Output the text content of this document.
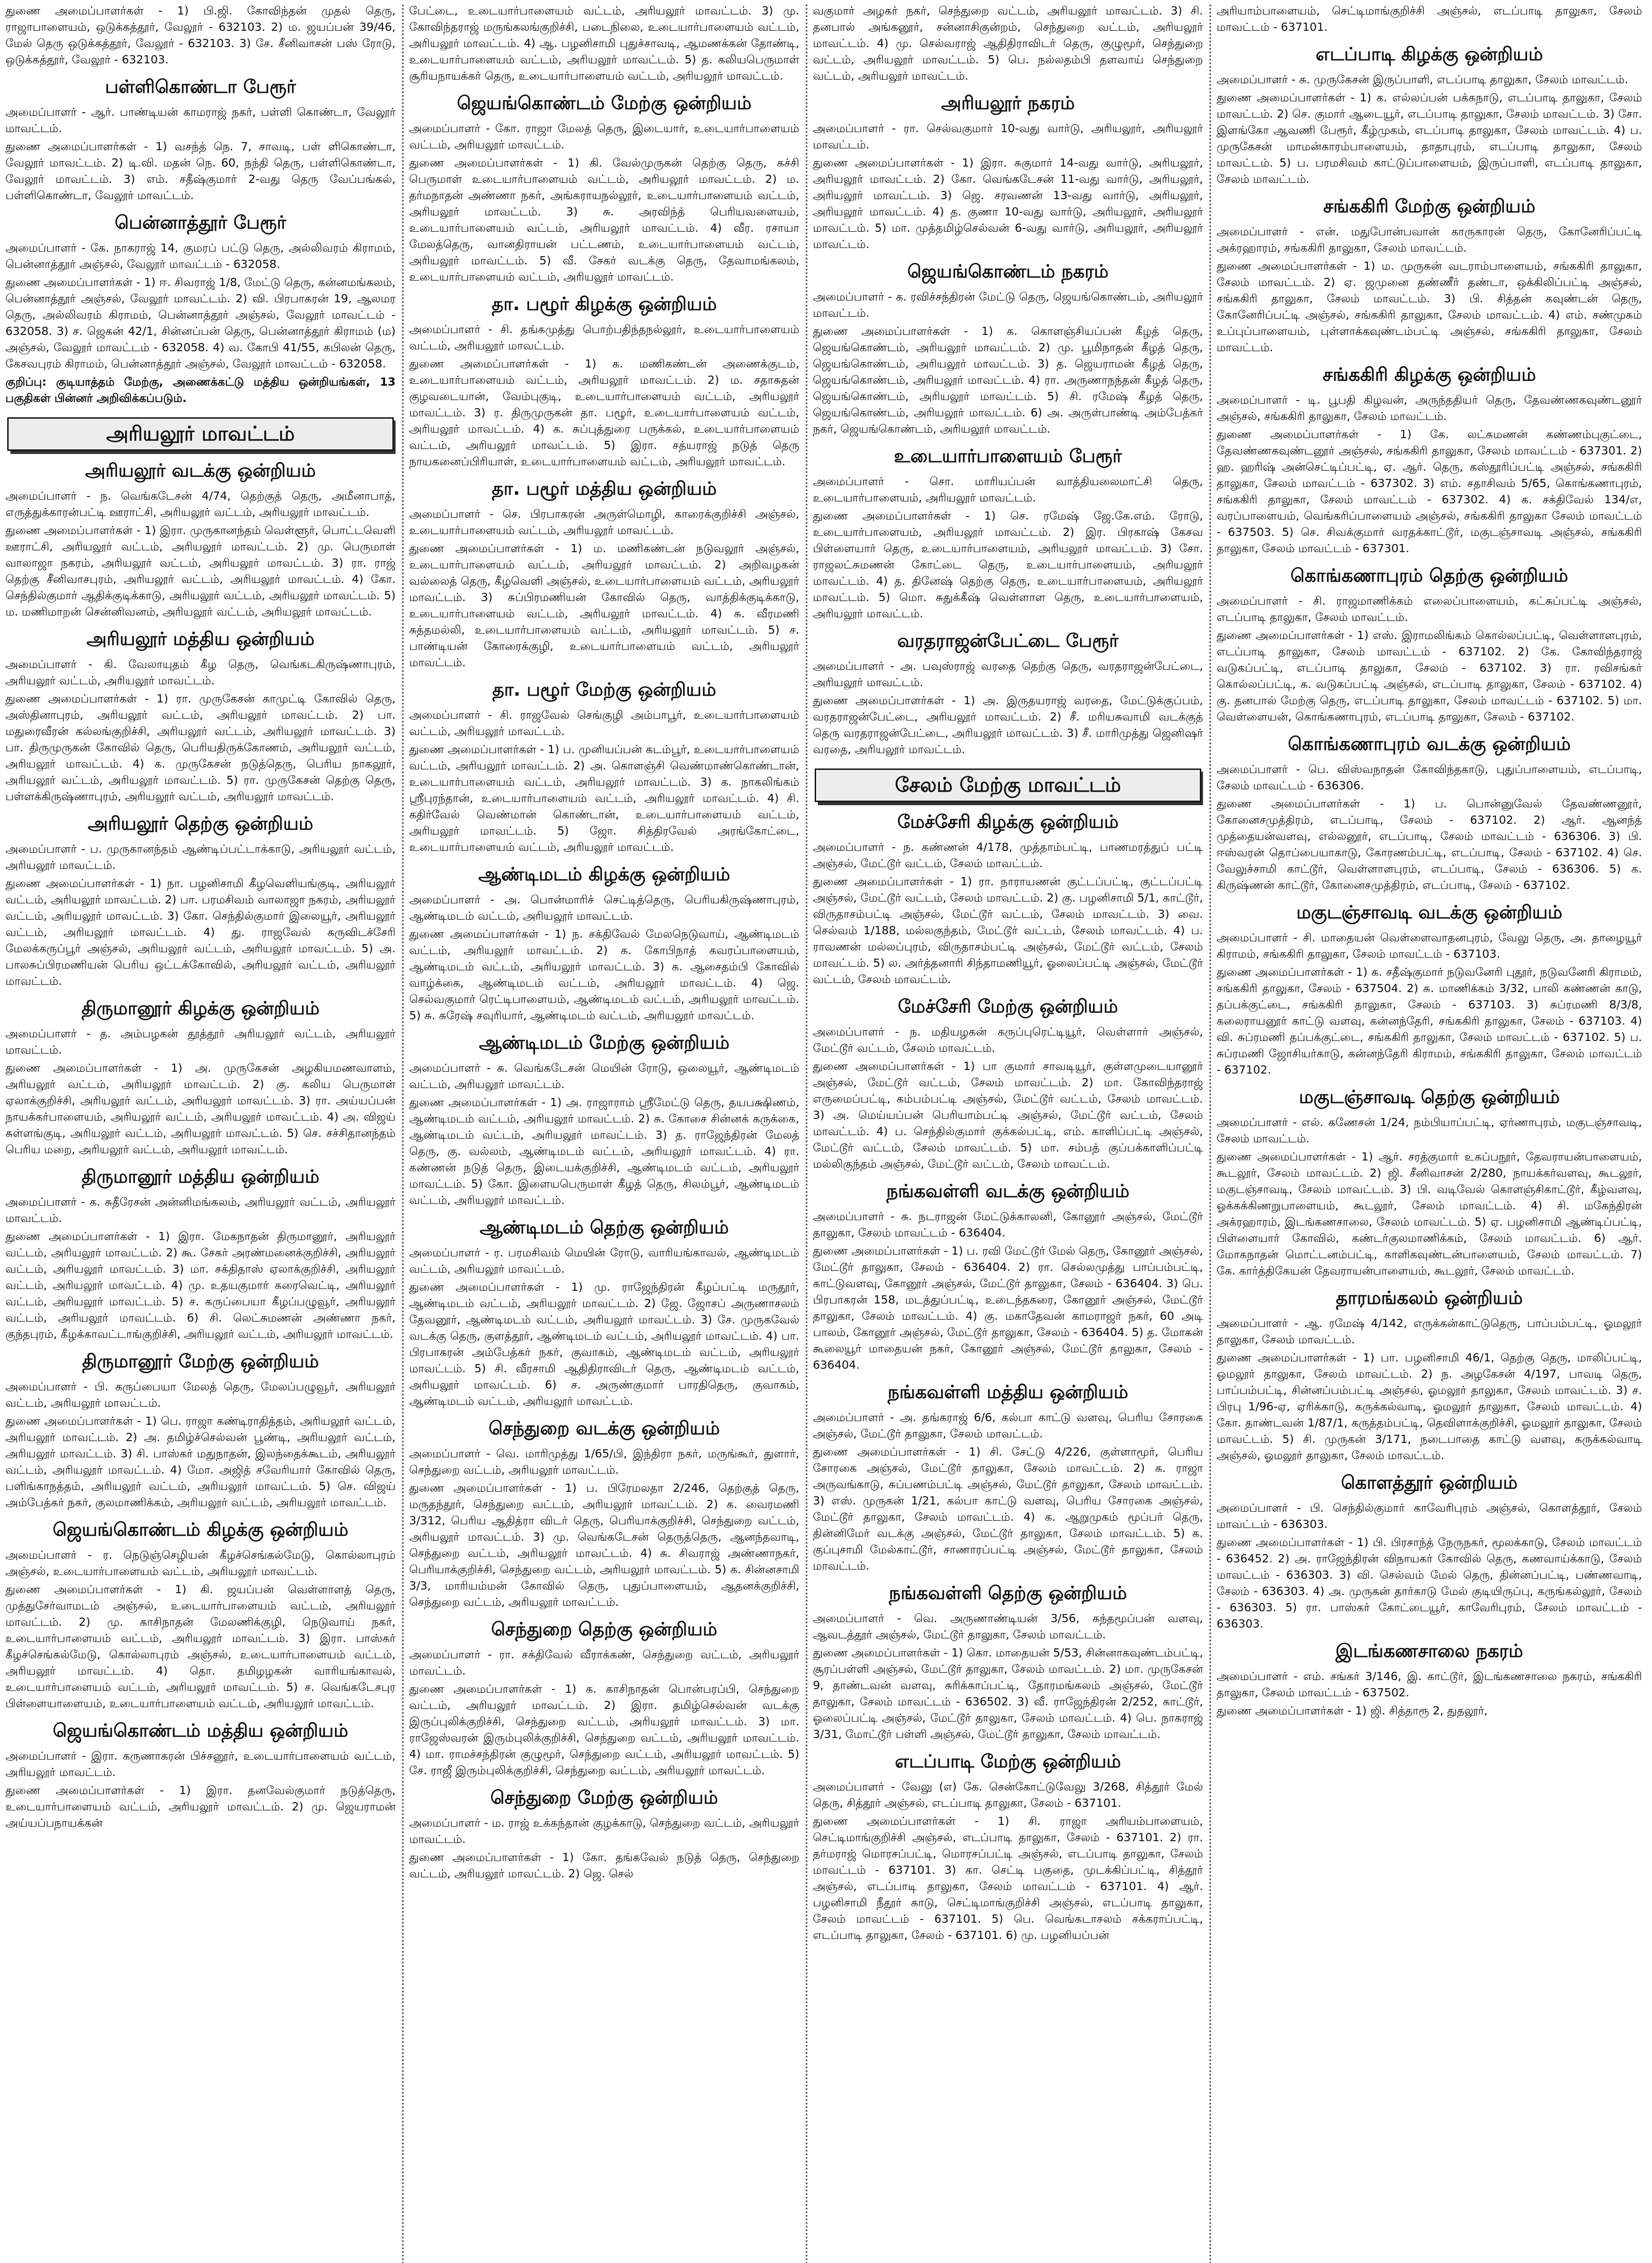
துணை அமைப்பாளர்கள் - 1) பி.ஜி. கோவிந்தன் முதல் தெரு, ராஜாபாளையம், ஒடுக்கத்தூர், வேலூர் - 632103. 2) ம. ஜயப்பன் 39/46, மேல் தெரு ஒடுக்கத்தூர், வேலூர் - 632103. 3) சே. சீனிவாசன் பஸ் ரோடு, ஒடுக்கத்தூர், வேலூர் - 632103.
பள்ளிகொண்டா பேரூர்
அமைப்பாளர் - ஆர். பாண்டியன் காமராஜ் நகர், பள்ளி கொண்டா, வேலூர் மாவட்டம்.
துணை அமைப்பாளர்கள் - 1) வசந்த் நெ. 7, சாவடி, பள் ளிகொண்டா, வேலூர் மாவட்டம். 2) டி.வி. மதன் நெ. 60, நந்தி தெரு, பள்ளிகொண்டா, வேலூர் மாவட்டம். 3) எம். சதீஷ்குமார் 2-வது தெரு வேப்பங்கல், பள்ளிகொண்டா, வேலூர் மாவட்டம்.
பென்னாத்தூர் பேரூர்
அமைப்பாளர் - கே. நாகராஜ் 14, குமரப் பட்டு தெரு, அல்லிவரம் கிராமம், பென்னாத்தூர் அஞ்சல், வேலூர் மாவட்டம் - 632058.
துணை அமைப்பாளர்கள் - 1) ஈ. சிவராஜ் 1/8, மேட்டு தெரு, கன்னமங்கலம், பென்னாத்தூர் அஞ்சல், வேலூர் மாவட்டம். 2) வி. பிரபாகரன் 19, ஆலமர தெரு, அல்லிவரம் கிராமம், பென்னாத்தூர் அஞ்சல், வேலூர் மாவட்டம் - 632058. 3) ச. ஜெகன் 42/1, சின்னப்பன் தெரு, பென்னாத்தூர் கிராமம் (ம) அஞ்சல், வேலூர் மாவட்டம் - 632058. 4) வ. கோபி 41/55, கபிலன் தெரு, கேசவபுரம் கிராமம், பென்னாத்தூர் அஞ்சல், வேலூர் மாவட்டம் - 632058.
குறிப்பு: குடியாத்தம் மேற்கு, அணைக்கட்டு மத்திய ஒன்றியங்கள், 13 பகுதிகள் பின்னர் அறிவிக்கப்படும்.
அரியலூர் மாவட்டம்
அரியலூர் வடக்கு ஒன்றியம்
அமைப்பாளர் - ந. வெங்கடேசன் 4/74, தெற்குத் தெரு, அமீனாபாத், எருத்துக்காரன்பட்டி ஊராட்சி, அரியலூர் வட்டம், அரியலூர் மாவட்டம்.
துணை அமைப்பாளர்கள் - 1) இரா. முருகானந்தம் வெள்ளூர், பொட்டவெளி ஊராட்சி, அரியலூர் வட்டம், அரியலூர் மாவட்டம். 2) மு. பெருமாள் வாலாஜா நகரம், அரியலூர் வட்டம், அரியலூர் மாவட்டம். 3) ரா. ராஜ் தெற்கு சீனிவாசபுரம், அரியலூர் வட்டம், அரியலூர் மாவட்டம். 4) கோ. செந்தில்குமார் ஆதிக்குடிக்காடு, அரியலூர் வட்டம், அரியலூர் மாவட்டம். 5) ம. மணிமாறன் சென்னிவனம், அரியலூர் வட்டம், அரியலூர் மாவட்டம்.
அரியலூர் மத்திய ஒன்றியம்
அமைப்பாளர் - கி. வேலாயுதம் கீழ தெரு, வெங்கடகிருஷ்ணாபுரம், அரியலூர் வட்டம், அரியலூர் மாவட்டம்.
துணை அமைப்பாளர்கள் - 1) ரா. முருகேசன் காமுட்டி கோவில் தெரு, அஸ்தினாபுரம், அரியலூர் வட்டம், அரியலூர் மாவட்டம். 2) பா. மதுரைவீரன் கல்லங்குறிச்சி, அரியலூர் வட்டம், அரியலூர் மாவட்டம். 3) பா. திருமுருகன் கோவில் தெரு, பெரியதிருக்கோணம், அரியலூர் வட்டம், அரியலூர் மாவட்டம். 4) க. முருகேசன் நடுத்தெரு, பெரிய நாகலூர், அரியலூர் வட்டம், அரியலூர் மாவட்டம். 5) ரா. முருகேசன் தெற்கு தெரு, பள்ளக்கிருஷ்ணாபுரம், அரியலூர் வட்டம், அரியலூர் மாவட்டம்.
அரியலூர் தெற்கு ஒன்றியம்
அமைப்பாளர் - ப. முருகானந்தம் ஆண்டிப்பட்டாக்காடு, அரியலூர் வட்டம், அரியலூர் மாவட்டம்.
துணை அமைப்பாளர்கள் - 1) நா. பழனிசாமி கீழவெளியங்குடி, அரியலூர் வட்டம், அரியலூர் மாவட்டம். 2) பா. பரமசிவம் வாலாஜா நகரம், அரியலூர் வட்டம், அரியலூர் மாவட்டம். 3) கோ. செந்தில்குமார் இலையூர், அரியலூர் வட்டம், அரியலூர் மாவட்டம். 4) து. ராஜவேல் கருவிடச்சேரி மேலக்கருப்பூர் அஞ்சல், அரியலூர் வட்டம், அரியலூர் மாவட்டம். 5) அ. பாலசுப்பிரமணியன் பெரிய ஒட்டக்கோவில், அரியலூர் வட்டம், அரியலூர் மாவட்டம்.
திருமானூர் கிழக்கு ஒன்றியம்
அமைப்பாளர் - த. அம்பழகன் தூத்தூர் அரியலூர் வட்டம், அரியலூர் மாவட்டம்.
துணை அமைப்பாளர்கள் - 1) அ. முருகேசன் அழகியமணவாளம், அரியலூர் வட்டம், அரியலூர் மாவட்டம். 2) கு. கலிய பெருமாள் ஏலாக்குறிச்சி, அரியலூர் வட்டம், அரியலூர் மாவட்டம். 3) ரா. அய்யப்பன் நாயக்கர்பாளையம், அரியலூர் வட்டம், அரியலூர் மாவட்டம். 4) அ. விஜய் சுள்ளங்குடி, அரியலூர் வட்டம், அரியலூர் மாவட்டம். 5) செ. சச்சிதானந்தம் பெரிய மறை, அரியலூர் வட்டம், அரியலூர் மாவட்டம்.
திருமானூர் மத்திய ஒன்றியம்
அமைப்பாளர் - க. சுதீரேசன் அன்னிமங்கலம், அரியலூர் வட்டம், அரியலூர் மாவட்டம்.
துணை அமைப்பாளர்கள் - 1) இரா. மேகநாதன் திருமானூர், அரியலூர் வட்டம், அரியலூர் மாவட்டம். 2) கூ. சேகர் அரண்மனைக்குறிச்சி, அரியலூர் வட்டம், அரியலூர் மாவட்டம். 3) மா. சக்திதாஸ் ஏலாக்குறிச்சி, அரியலூர் வட்டம், அரியலூர் மாவட்டம். 4) மு. உதயகுமார் கரைவெட்டி, அரியலூர் வட்டம், அரியலூர் மாவட்டம். 5) ச. கருப்பையா கீழப்பழுவூர், அரியலூர் வட்டம், அரியலூர் மாவட்டம். 6) சி. லெட்சுமணன் அண்ணா நகர், குந்தபுரம், கீழக்காவட்டாங்குறிச்சி, அரியலூர் வட்டம், அரியலூர் மாவட்டம்.
திருமானூர் மேற்கு ஒன்றியம்
அமைப்பாளர் - பி. கருப்பையா மேலத் தெரு, மேலப்பழுவூர், அரியலூர் வட்டம், அரியலூர் மாவட்டம்.
துணை அமைப்பாளர்கள் - 1) பெ. ராஜா கண்டிராதித்தம், அரியலூர் வட்டம், அரியலூர் மாவட்டம். 2) அ. தமிழ்ச்செல்வன் பூண்டி, அரியலூர் வட்டம், அரியலூர் மாவட்டம். 3) சி. பாஸ்கர் மதுநாதன், இலந்தைக்கூடம், அரியலூர் வட்டம், அரியலூர் மாவட்டம். 4) மோ. அஜித் சவேரியார் கோவில் தெரு, பளிங்காநத்தம், அரியலூர் வட்டம், அரியலூர் மாவட்டம். 5) செ. விஜய் அம்பேத்கர் நகர், குலமாணிக்கம், அரியலூர் வட்டம், அரியலூர் மாவட்டம்.
ஜெயங்கொண்டம் கிழக்கு ஒன்றியம்
அமைப்பாளர் - ர. நெடுஞ்செழியன் கீழச்செங்கல்மேடு, கொல்லாபுரம் அஞ்சல், உடையார்பாளையம் வட்டம், அரியலூர் மாவட்டம்.
துணை அமைப்பாளர்கள் - 1) கி. ஜயப்பன் வெள்ளாளத் தெரு, முத்துசேர்வாமடம் அஞ்சல், உடையார்பாளையம் வட்டம், அரியலூர் மாவட்டம். 2) மு. காசிநாதன் மேலணிக்குழி, நெடுவாய் நகர், உடையார்பாளையம் வட்டம், அரியலூர் மாவட்டம். 3) இரா. பாஸ்கர் கீழச்செங்கல்மேடு, கொல்லாபுரம் அஞ்சல், உடையார்பாளையம் வட்டம், அரியலூர் மாவட்டம். 4) தொ. தமிழழகன் வாரியங்காவல், உடையார்பாளையம் வட்டம், அரியலூர் மாவட்டம். 5) ச. வெங்கடேசபுர பிள்ளையாளையம், உடையார்பாளையம் வட்டம், அரியலூர் மாவட்டம்.
ஜெயங்கொண்டம் மத்திய ஒன்றியம்
அமைப்பாளர் - இரா. கருணாகரன் பிச்சனூர், உடையார்பாளையம் வட்டம், அரியலூர் மாவட்டம்.
துணை அமைப்பாளர்கள் - 1) இரா. தனவேல்குமார் நடுத்தெரு, உடையார்பாளையம் வட்டம், அரியலூர் மாவட்டம். 2) மு. ஜெயராமன் அய்யப்பநாயக்கன்
பேட்டை, உடையார்பாளையம் வட்டம், அரியலூர் மாவட்டம். 3) மு. கோவிந்தராஜ் மருங்கலங்குறிச்சி, படைநிலை, உடையார்பாளையம் வட்டம், அரியலூர் மாவட்டம். 4) ஆ. பழனிசாமி புதுச்சாவடி, ஆமணக்கன் தோண்டி, உடையார்பாளையம் வட்டம், அரியலூர் மாவட்டம். 5) த. கலியபெருமாள் சூரியநாயக்கர் தெரு, உடையார்பாளையம் வட்டம், அரியலூர் மாவட்டம்.
ஜெயங்கொண்டம் மேற்கு ஒன்றியம்
அமைப்பாளர் - கோ. ராஜா மேலத் தெரு, இடையார், உடையார்பாளையம் வட்டம், அரியலூர் மாவட்டம்.
துணை அமைப்பாளர்கள் - 1) கி. வேல்முருகன் தெற்கு தெரு, கச்சி பெருமாள் உடையார்பாளையம் வட்டம், அரியலூர் மாவட்டம். 2) ம. தர்மநாதன் அண்ணா நகர், அங்கராயநல்லூர், உடையார்பாளையம் வட்டம், அரியலூர் மாவட்டம். 3) சு. அரவிந்த் பெரியவளையம், உடையார்பாளையம் வட்டம், அரியலூர் மாவட்டம். 4) வீர. ரசாயா மேலத்தெரு, வானதிராயன் பட்டணம், உடையார்பாளையம் வட்டம், அரியலூர் மாவட்டம். 5) வீ. சேகர் வடக்கு தெரு, தேவாமங்கலம், உடையார்பாளையம் வட்டம், அரியலூர் மாவட்டம்.
தா. பழூர் கிழக்கு ஒன்றியம்
அமைப்பாளர் - சி. தங்கமுத்து பொற்பதிந்தநல்லூர், உடையார்பாளையம் வட்டம், அரியலூர் மாவட்டம்.
துணை அமைப்பாளர்கள் - 1) க. மணிகண்டன் அணைக்குடம், உடையார்பாளையம் வட்டம், அரியலூர் மாவட்டம். 2) ம. சதாசுதன் குழவடையான், வேம்புகுடி, உடையார்பாளையம் வட்டம், அரியலூர் மாவட்டம். 3) ர. திருமுருகன் தா. பழூர், உடையார்பாளையம் வட்டம், அரியலூர் மாவட்டம். 4) க. சுப்புத்துரை பருக்கல், உடையார்பாளையம் வட்டம், அரியலூர் மாவட்டம். 5) இரா. சத்யராஜ் நடுத் தெரு நாயகனைப்பிரியாள், உடையார்பாளையம் வட்டம், அரியலூர் மாவட்டம்.
தா. பழூர் மத்திய ஒன்றியம்
அமைப்பாளர் - செ. பிரபாகரன் அருள்மொழி, காரைக்குறிச்சி அஞ்சல், உடையார்பாளையம் வட்டம், அரியலூர் மாவட்டம்.
துணை அமைப்பாளர்கள் - 1) ம. மணிகண்டன் நடுவலூர் அஞ்சல், உடையார்பாளையம் வட்டம், அரியலூர் மாவட்டம். 2) அறிவழகன் வல்லைத் தெரு, கீழவெளி அஞ்சல், உடையார்பாளையம் வட்டம், அரியலூர் மாவட்டம். 3) சுப்பிரமணியன் கோவில் தெரு, வாத்திக்குடிக்காடு, உடையார்பாளையம் வட்டம், அரியலூர் மாவட்டம். 4) சு. வீரமணி சுத்தமல்லி, உடையார்பாளையம் வட்டம், அரியலூர் மாவட்டம். 5) ச. பாண்டியன் கோரைக்குழி, உடையார்பாளையம் வட்டம், அரியலூர் மாவட்டம்.
தா. பழூர் மேற்கு ஒன்றியம்
அமைப்பாளர் - சி. ராஜவேல் செங்குழி அம்பாபூர், உடையார்பாளையம் வட்டம், அரியலூர் மாவட்டம்.
துணை அமைப்பாளர்கள் - 1) ப. முனியப்பன் கடம்பூர், உடையார்பாளையம் வட்டம், அரியலூர் மாவட்டம். 2) அ. கொளஞ்சி வெண்மாண்கொண்டான், உடையார்பாளையம் வட்டம், அரியலூர் மாவட்டம். 3) க. நாகலிங்கம் ஸ்ரீபுரந்தான், உடையார்பாளையம் வட்டம், அரியலூர் மாவட்டம். 4) சி. கதிர்வேல் வெண்மான் கொண்டான், உடையார்பாளையம் வட்டம், அரியலூர் மாவட்டம். 5) ஜோ. சித்திரவேல் அரங்கோட்டை, உடையார்பாளையம் வட்டம், அரியலூர் மாவட்டம்.
ஆண்டிமடம் கிழக்கு ஒன்றியம்
அமைப்பாளர் - அ. பொன்மாரிச் செட்டித்தெரு, பெரியகிருஷ்ணாபுரம், ஆண்டிமடம் வட்டம், அரியலூர் மாவட்டம்.
துணை அமைப்பாளர்கள் - 1) ந. சக்திவேல் மேலநெடுவாய், ஆண்டிமடம் வட்டம், அரியலூர் மாவட்டம். 2) க. கோபிநாத் கவரப்பாளையம், ஆண்டிமடம் வட்டம், அரியலூர் மாவட்டம். 3) க. ஆசைதம்பி கோவில் வாழ்க்கை, ஆண்டிமடம் வட்டம், அரியலூர் மாவட்டம். 4) ஜெ. செல்வகுமார் ரெட்டிபாளையம், ஆண்டிமடம் வட்டம், அரியலூர் மாவட்டம். 5) சு. சுரேஷ் சவுரியார், ஆண்டிமடம் வட்டம், அரியலூர் மாவட்டம்.
ஆண்டிமடம் மேற்கு ஒன்றியம்
அமைப்பாளர் - சு. வெங்கடேசன் மெயின் ரோடு, ஒலையூர், ஆண்டிமடம் வட்டம், அரியலூர் மாவட்டம்.
துணை அமைப்பாளர்கள் - 1) அ. ராஜாராம் ஸ்ரீமேட்டு தெரு, தயபக்ஷிணம், ஆண்டிமடம் வட்டம், அரியலூர் மாவட்டம். 2) சு. கோசை சின்னக் கருக்கை, ஆண்டிமடம் வட்டம், அரியலூர் மாவட்டம். 3) த. ராஜேந்திரன் மேலத் தெரு, கு. வல்லம், ஆண்டிமடம் வட்டம், அரியலூர் மாவட்டம். 4) ரா. கண்ணன் நடுத் தெரு, இடையக்குறிச்சி, ஆண்டிமடம் வட்டம், அரியலூர் மாவட்டம். 5) கோ. இளையபெருமாள் கீழத் தெரு, சிலம்பூர், ஆண்டிமடம் வட்டம், அரியலூர் மாவட்டம்.
ஆண்டிமடம் தெற்கு ஒன்றியம்
அமைப்பாளர் - ர. பரமசிவம் மெயின் ரோடு, வாரியங்காவல், ஆண்டிமடம் வட்டம், அரியலூர் மாவட்டம்.
துணை அமைப்பாளர்கள் - 1) மு. ராஜேந்திரன் கீழப்பட்டி மருதூர், ஆண்டிமடம் வட்டம், அரியலூர் மாவட்டம். 2) ஜே. ஜோசப் அருணாசலம் தேவனூர், ஆண்டிமடம் வட்டம், அரியலூர் மாவட்டம். 3) சே. முருகவேல் வடக்கு தெரு, குளத்தூர், ஆண்டிமடம் வட்டம், அரியலூர் மாவட்டம். 4) பா. பிரபாகரன் அம்பேத்கர் நகர், குவாகம், ஆண்டிமடம் வட்டம், அரியலூர் மாவட்டம். 5) சி. வீரசாமி ஆதிதிராவிடர் தெரு, ஆண்டிமடம் வட்டம், அரியலூர் மாவட்டம். 6) ச. அருண்குமார் பாரதிதெரு, குவாகம், ஆண்டிமடம் வட்டம், அரியலூர் மாவட்டம்.
செந்துறை வடக்கு ஒன்றியம்
அமைப்பாளர் - வெ. மாரிமுத்து 1/65/பி, இந்திரா நகர், மருங்கூர், துளார், செந்துறை வட்டம், அரியலூர் மாவட்டம்.
துணை அமைப்பாளர்கள் - 1) ப. பிரேமலதா 2/246, தெற்குத் தெரு, மருதந்தூர், செந்துறை வட்டம், அரியலூர் மாவட்டம். 2) க. வைரமணி 3/312, பெரிய ஆதித்ரா விடர் தெரு, பெரியாக்குறிச்சி, செந்துறை வட்டம், அரியலூர் மாவட்டம். 3) மு. வெங்கடேசன் தெருத்தெரு, ஆனந்தவாடி, செந்துறை வட்டம், அரியலூர் மாவட்டம். 4) சு. சிவராஜ் அண்ணாநகர், பெரியாக்குறிச்சி, செந்துறை வட்டம், அரியலூர் மாவட்டம். 5) க. சின்னசாமி 3/3, மாரியம்மன் கோவில் தெரு, புதுப்பாளையம், ஆதனக்குறிச்சி, செந்துறை வட்டம், அரியலூர் மாவட்டம்.
செந்துறை தெற்கு ஒன்றியம்
அமைப்பாளர் - ரா. சக்திவேல் வீராக்கண், செந்துறை வட்டம், அரியலூர் மாவட்டம்.
துணை அமைப்பாளர்கள் - 1) க. காசிநாதன் பொன்பரப்பி, செந்துறை வட்டம், அரியலூர் மாவட்டம். 2) இரா. தமிழ்செல்வன் வடக்கு இருப்புலிக்குறிச்சி, செந்துறை வட்டம், அரியலூர் மாவட்டம். 3) மா. ராஜேஸ்வரன் இரும்புலிக்குறிச்சி, செந்துறை வட்டம், அரியலூர் மாவட்டம். 4) மா. ராமச்சந்திரன் குழுமூர், செந்துறை வட்டம், அரியலூர் மாவட்டம். 5) சே. ராஜீ இரும்புலிக்குறிச்சி, செந்துறை வட்டம், அரியலூர் மாவட்டம்.
செந்துறை மேற்கு ஒன்றியம்
அமைப்பாளர் - ம. ராஜ் உக்கந்தான் குழக்காடு, செந்துறை வட்டம், அரியலூர் மாவட்டம்.
துணை அமைப்பாளர்கள் - 1) கோ. தங்கவேல் நடுத் தெரு, செந்துறை வட்டம், அரியலூர் மாவட்டம். 2) ஜெ. செல்
வகுமார் அழகர் நகர், செந்துறை வட்டம், அரியலூர் மாவட்டம். 3) சி. தனபால் அங்கனூர், சன்னாசிகுன்றம், செந்துறை வட்டம், அரியலூர் மாவட்டம். 4) மு. செல்வராஜ் ஆதிதிராவிடர் தெரு, குழுமூர், செந்துறை வட்டம், அரியலூர் மாவட்டம். 5) பெ. நல்லதம்பி தளவாய் செந்துறை வட்டம், அரியலூர் மாவட்டம்.
அரியலூர் நகரம்
அமைப்பாளர் - ரா. செல்வகுமார் 10-வது வார்டு, அரியலூர், அரியலூர் மாவட்டம்.
துணை அமைப்பாளர்கள் - 1) இரா. சுகுமார் 14-வது வார்டு, அரியலூர், அரியலூர் மாவட்டம். 2) கோ. வெங்கடேசன் 11-வது வார்டு, அரியலூர், அரியலூர் மாவட்டம். 3) ஜெ. சரவணன் 13-வது வார்டு, அரியலூர், அரியலூர் மாவட்டம். 4) த. குணா 10-வது வார்டு, அரியலூர், அரியலூர் மாவட்டம். 5) மா. முத்தமிழ்செல்வன் 6-வது வார்டு, அரியலூர், அரியலூர் மாவட்டம்.
ஜெயங்கொண்டம் நகரம்
அமைப்பாளர் - க. ரவிச்சந்திரன் மேட்டு தெரு, ஜெயங்கொண்டம், அரியலூர் மாவட்டம்.
துணை அமைப்பாளர்கள் - 1) க. கொளஞ்சியப்பன் கீழத் தெரு, ஜெயங்கொண்டம், அரியலூர் மாவட்டம். 2) மு. பூமிநாதன் கீழத் தெரு, ஜெயங்கொண்டம், அரியலூர் மாவட்டம். 3) த. ஜெயராமன் கீழத் தெரு, ஜெயங்கொண்டம், அரியலூர் மாவட்டம். 4) ரா. அருணாநந்தன் கீழத் தெரு, ஜெயங்கொண்டம், அரியலூர் மாவட்டம். 5) சி. ரமேஷ் கீழத் தெரு, ஜெயங்கொண்டம், அரியலூர் மாவட்டம். 6) அ. அருள்பாண்டி அம்பேத்கர் நகர், ஜெயங்கொண்டம், அரியலூர் மாவட்டம்.
உடையார்பாளையம் பேரூர்
அமைப்பாளர் - சொ. மாரியப்பன் வாத்தியலைமாட்சி தெரு, உடையார்பாளையம், அரியலூர் மாவட்டம்.
துணை அமைப்பாளர்கள் - 1) செ. ரமேஷ் ஜே.கே.எம். ரோடு, உடையார்பாளையம், அரியலூர் மாவட்டம். 2) இர. பிரகாஷ் கேசவ பிள்ளையார் தெரு, உடையார்பாளையம், அரியலூர் மாவட்டம். 3) சோ. ராஜலட்சுமணன் கோட்டை தெரு, உடையார்பாளையம், அரியலூர் மாவட்டம். 4) த. தினேஷ் தெற்கு தெரு, உடையார்பாளையம், அரியலூர் மாவட்டம். 5) மொ. சுதுக்கீஷ் வெள்ளாள தெரு, உடையார்பாளையம், அரியலூர் மாவட்டம்.
வரதராஜன்பேட்டை பேரூர்
அமைப்பாளர் - அ. பவுஸ்ராஜ் வரதை தெற்கு தெரு, வரதராஜன்பேட்டை, அரியலூர் மாவட்டம்.
துணை அமைப்பாளர்கள் - 1) அ. இருதயராஜ் வரதை, மேட்டுக்குப்பம், வரதராஜன்பேட்டை, அரியலூர் மாவட்டம். 2) சீ. மரியசுவாமி வடக்குத் தெரு வரதராஜன்பேட்டை, அரியலூர் மாவட்டம். 3) சீ. மாரிமுத்து ஜெனிஷர் வரதை, அரியலூர் மாவட்டம்.
சேலம் மேற்கு மாவட்டம்
மேச்சேரி கிழக்கு ஒன்றியம்
அமைப்பாளர் - ந. கண்ணன் 4/178, முத்தாம்பட்டி, பாணமரத்துப் பட்டி அஞ்சல், மேட்டூர் வட்டம், சேலம் மாவட்டம்.
துணை அமைப்பாளர்கள் - 1) ரா. நாராயணன் குட்டப்பட்டி, குட்டப்பட்டி அஞ்சல், மேட்டூர் வட்டம், சேலம் மாவட்டம். 2) கு. பழனிசாமி 5/1, காட்டூர், விருதாசம்பட்டி அஞ்சல், மேட்டூர் வட்டம், சேலம் மாவட்டம். 3) வை. செல்வம் 1/188, மல்லகுந்தம், மேட்டூர் வட்டம், சேலம் மாவட்டம். 4) ப. ராவணன் மல்லப்புரம், விருதாசம்பட்டி அஞ்சல், மேட்டூர் வட்டம், சேலம் மாவட்டம். 5) ல. அர்த்தனாரி சிந்தாமணியூர், ஓலைப்பட்டி அஞ்சல், மேட்டூர் வட்டம், சேலம் மாவட்டம்.
மேச்சேரி மேற்கு ஒன்றியம்
அமைப்பாளர் - ந. மதியழகன் கருப்புரெட்டியூர், வெள்ளார் அஞ்சல், மேட்டூர் வட்டம், சேலம் மாவட்டம்.
துணை அமைப்பாளர்கள் - 1) பா குமார் சாவடியூர், குள்ளமுடையானூர் அஞ்சல், மேட்டூர் வட்டம், சேலம் மாவட்டம். 2) மா. கோவிந்தராஜ் எருமைப்பட்டி, கம்பம்பட்டி அஞ்சல், மேட்டூர் வட்டம், சேலம் மாவட்டம். 3) அ. மெய்யப்பன் பெரியாம்பட்டி அஞ்சல், மேட்டூர் வட்டம், சேலம் மாவட்டம். 4) ப. செந்தில்குமார் குக்கல்பட்டி, எம். காளிப்பட்டி அஞ்சல், மேட்டூர் வட்டம், சேலம் மாவட்டம். 5) மா. சம்பத் குப்பக்காளிப்பட்டி மல்லிகுந்தம் அஞ்சல், மேட்டூர் வட்டம், சேலம் மாவட்டம்.
நங்கவள்ளி வடக்கு ஒன்றியம்
அமைப்பாளர் - சு. நடராஜன் மேட்டுக்காலனி, கோனூர் அஞ்சல், மேட்டூர் தாலுகா, சேலம் மாவட்டம் - 636404.
துணை அமைப்பாளர்கள் - 1) ப. ரவி மேட்டூர் மேல் தெரு, கோனூர் அஞ்சல், மேட்டூர் தாலுகா, சேலம் - 636404. 2) ரா. செல்லமுத்து பாப்பம்பட்டி, காட்டுவளவு, கோனூர் அஞ்சல், மேட்டூர் தாலுகா, சேலம் - 636404. 3) பெ. பிரபாகரன் 158, மடத்துப்பட்டி, உடைந்தகரை, கோனூர் அஞ்சல், மேட்டூர் தாலுகா, சேலம் மாவட்டம். 4) கு. மகாதேவன் காமராஜர் நகர், 60 அடி பாலம், கோனூர் அஞ்சல், மேட்டூர் தாலுகா, சேலம் - 636404. 5) த. மோகன் கூலையூர் மாதையன் நகர், கோனூர் அஞ்சல், மேட்டூர் தாலுகா, சேலம் - 636404.
நங்கவள்ளி மத்திய ஒன்றியம்
அமைப்பாளர் - அ. தங்கராஜ் 6/6, கல்பா காட்டு வளவு, பெரிய சோரகை அஞ்சல், மேட்டூர் தாலுகா, சேலம் மாவட்டம்.
துணை அமைப்பாளர்கள் - 1) சி. சேட்டு 4/226, குள்ளாமூர், பெரிய சோரகை அஞ்சல், மேட்டூர் தாலுகா, சேலம் மாவட்டம். 2) க. ராஜா அருவங்காடு, சுப்பணம்பட்டி அஞ்சல், மேட்டூர் தாலுகா, சேலம் மாவட்டம். 3) எஸ். முருகன் 1/21, கல்பா காட்டு வளவு, பெரிய சோரகை அஞ்சல், மேட்டூர் தாலுகா, சேலம் மாவட்டம். 4) க. ஆறுமுகம் மூப்பர் தெரு, தின்னிமேர் வடக்கு அஞ்சல், மேட்டூர் தாலுகா, சேலம் மாவட்டம். 5) க. குப்புசாமி மேல்காட்டூர், சாணாரப்பட்டி அஞ்சல், மேட்டூர் தாலுகா, சேலம் மாவட்டம்.
நங்கவள்ளி தெற்கு ஒன்றியம்
அமைப்பாளர் - வெ. அருணாண்டியன் 3/56, கந்தமூப்பன் வளவு, ஆவடத்தூர் அஞ்சல், மேட்டூர் தாலுகா, சேலம் மாவட்டம்.
துணை அமைப்பாளர்கள் - 1) கொ. மாதையன் 5/53, சின்னாகவுண்டம்பட்டி, சூரப்பள்ளி அஞ்சல், மேட்டூர் தாலுகா, சேலம் மாவட்டம். 2) மா. முருகேசன் 9, தாண்டவன் வளவு, சுரிக்காப்பட்டி, தோரமங்கலம் அஞ்சல், மேட்டூர் தாலுகா, சேலம் மாவட்டம் - 636502. 3) வீ. ராஜேந்திரன் 2/252, காட்டூர், ஓலைப்பட்டி அஞ்சல், மேட்டூர் தாலுகா, சேலம் மாவட்டம். 4) பெ. நாகராஜ் 3/31, மோட்டூர் பள்ளி அஞ்சல், மேட்டூர் தாலுகா, சேலம் மாவட்டம்.
எடப்பாடி மேற்கு ஒன்றியம்
அமைப்பாளர் - வேலு (எ) கே. சென்கோட்டுவேலு 3/268, சித்தூர் மேல் தெரு, சித்தூர் அஞ்சல், எடப்பாடி தாலுகா, சேலம் - 637101.
துணை அமைப்பாளர்கள் - 1) சி. ராஜா அரியம்பாளையம், செட்டிமாங்குறிச்சி அஞ்சல், எடப்பாடி தாலுகா, சேலம் - 637101. 2) ரா. தர்மராஜ் மொரசப்பட்டி, மொரசப்பட்டி அஞ்சல், எடப்பாடி தாலுகா, சேலம் மாவட்டம் - 637101. 3) கா. செட்டி பகுதை, முடக்கிப்பட்டி, சித்தூர் அஞ்சல், எடப்பாடி தாலுகா, சேலம் மாவட்டம் - 637101. 4) ஆர். பழனிசாமி நீதூர் காடு, செட்டிமாங்குறிச்சி அஞ்சல், எடப்பாடி தாலுகா, சேலம் மாவட்டம் - 637101. 5) பெ. வெங்கடாசலம் சக்கராப்பட்டி, எடப்பாடி தாலுகா, சேலம் - 637101. 6) மு. பழனியப்பன்
அரியாம்பாளையம், செட்டிமாங்குறிச்சி அஞ்சல், எடப்பாடி தாலுகா, சேலம் மாவட்டம் - 637101.
எடப்பாடி கிழக்கு ஒன்றியம்
அமைப்பாளர் - சு. முருகேசன் இருப்பாளி, எடப்பாடி தாலுகா, சேலம் மாவட்டம்.
துணை அமைப்பாளர்கள் - 1) க. எல்லப்பன் பக்கநாடு, எடப்பாடி தாலுகா, சேலம் மாவட்டம். 2) செ. குமார் ஆடையூர், எடப்பாடி தாலுகா, சேலம் மாவட்டம். 3) சோ. இளங்கோ ஆவணி பேரூர், கீழ்முகம், எடப்பாடி தாலுகா, சேலம் மாவட்டம். 4) ப. முருகேசன் மாமன்காரம்பாளையம், தாதாபுரம், எடப்பாடி தாலுகா, சேலம் மாவட்டம். 5) ப. பரமசிவம் காட்டுப்பாளையம், இருப்பாளி, எடப்பாடி தாலுகா, சேலம் மாவட்டம்.
சங்ககிரி மேற்கு ஒன்றியம்
அமைப்பாளர் - என். மதுபோன்பவான் காருகாரன் தெரு, கோனேரிப்பட்டி அக்ரஹாரம், சங்ககிரி தாலுகா, சேலம் மாவட்டம்.
துணை அமைப்பாளர்கள் - 1) ம. முருகன் வடராம்பாளையம், சங்ககிரி தாலுகா, சேலம் மாவட்டம். 2) ஏ. ஜமுனை தண்ணீர் தண்டா, ஒக்கிலிப்பட்டி அஞ்சல், சங்ககிரி தாலுகா, சேலம் மாவட்டம். 3) பி. சித்தன் கவுண்டன் தெரு, கோனேரிப்பட்டி அஞ்சல், சங்ககிரி தாலுகா, சேலம் மாவட்டம். 4) எம். சண்முகம் உப்புப்பாளையம், புள்ளாக்கவுண்டம்பட்டி அஞ்சல், சங்ககிரி தாலுகா, சேலம் மாவட்டம்.
சங்ககிரி கிழக்கு ஒன்றியம்
அமைப்பாளர் - டி. பூபதி கிழவன், அருந்ததியர் தெரு, தேவண்ணகவுண்டனூர் அஞ்சல், சங்ககிரி தாலுகா, சேலம் மாவட்டம்.
துணை அமைப்பாளர்கள் - 1) கே. லட்சுமணன் கண்ணம்புகுட்டை, தேவண்ணகவுண்டனூர் அஞ்சல், சங்ககிரி தாலுகா, சேலம் மாவட்டம் - 637301. 2) ஹ. ஹரிஷ் அன்செட்டிப்பட்டி, ஏ. ஆர். தெரு, கஸ்தூரிப்பட்டி அஞ்சல், சங்ககிரி தாலுகா, சேலம் மாவட்டம் - 637302. 3) எம். சதாசிவம் 5/65, கொங்கணாபுரம், சங்ககிரி தாலுகா, சேலம் மாவட்டம் - 637302. 4) க. சக்திவேல் 134/எ, வரப்பாளையம், வெங்கரிப்பாளையம் அஞ்சல், சங்ககிரி தாலுகா சேலம் மாவட்டம் - 637503. 5) செ. சிவக்குமார் வரதக்காட்டூர், மகுடஞ்சாவடி அஞ்சல், சங்ககிரி தாலுகா, சேலம் மாவட்டம் - 637301.
கொங்கணாபுரம் தெற்கு ஒன்றியம்
அமைப்பாளர் - சி. ராஜமாணிக்கம் எலைப்பாளையம், கட்சுப்பட்டி அஞ்சல், எடப்பாடி தாலுகா, சேலம் மாவட்டம்.
துணை அமைப்பாளர்கள் - 1) எஸ். இராமலிங்கம் கொல்லப்பட்டி, வெள்ளாளபுரம், எடப்பாடி தாலுகா, சேலம் மாவட்டம் - 637102. 2) கே. கோவிந்தராஜ் வடுகப்பட்டி, எடப்பாடி தாலுகா, சேலம் - 637102. 3) ரா. ரவிசங்கர் கொல்லப்பட்டி, க. வடுகப்பட்டி அஞ்சல், எடப்பாடி தாலுகா, சேலம் - 637102. 4) கு. தனபால் மேற்கு தெரு, எடப்பாடி தாலுகா, சேலம் மாவட்டம் - 637102. 5) மா. வெள்ளையன், கொங்கணாபுரம், எடப்பாடி தாலுகா, சேலம் - 637102.
கொங்கணாபுரம் வடக்கு ஒன்றியம்
அமைப்பாளர் - பெ. விஸ்வநாதன் கோவிந்தகாடு, புதுப்பாளையம், எடப்பாடி, சேலம் மாவட்டம் - 636306.
துணை அமைப்பாளர்கள் - 1) ப. பொன்னுவேல் தேவண்ணனூர், கோனைசமுத்திரம், எடப்பாடி, சேலம் - 637102. 2) ஆர். ஆனந்த் முத்தையன்வளவு, எல்லனூர், எடப்பாடி, சேலம் மாவட்டம் - 636306. 3) பி. ஈஸ்வரன் தொப்பையாகாடு, கோரணம்பட்டி, எடப்பாடி, சேலம் - 637102. 4) செ. வேலுச்சாமி காட்டூர், வெள்ளாளபுரம், எடப்பாடி, சேலம் - 636306. 5) க. கிருஷ்ணன் காட்டூர், கோனைசமுத்திரம், எடப்பாடி, சேலம் - 637102.
மகுடஞ்சாவடி வடக்கு ஒன்றியம்
அமைப்பாளர் - சி. மாதையன் வெள்ளைவாதனபுரம், வேலு தெரு, அ. தாழையூர் கிராமம், சங்ககிரி தாலுகா, சேலம் மாவட்டம் - 637103.
துணை அமைப்பாளர்கள் - 1) க. சதீஷ்குமார் நடுவனேரி புதூர், நடுவனேரி கிராமம், சங்ககிரி தாலுகா, சேலம் - 637504. 2) சு. மாணிக்கம் 3/32, பாலி கண்ணன் காடு, தப்பக்குட்டை, சங்ககிரி தாலுகா, சேலம் - 637103. 3) சுப்ரமணி 8/3/8, கலைராயனூர் காட்டு வளவு, கன்னந்தேரி, சங்ககிரி தாலுகா, சேலம் - 637103. 4) வி. சுப்ரமணி தப்பக்குட்டை, சங்ககிரி தாலுகா, சேலம் மாவட்டம் - 637102. 5) ப. சுப்ரமணி ஜோசியர்காடு, கன்னந்தேரி கிராமம், சங்ககிரி தாலுகா, சேலம் மாவட்டம் - 637102.
மகுடஞ்சாவடி தெற்கு ஒன்றியம்
அமைப்பாளர் - எல். கணேசன் 1/24, நம்பியாப்பட்டி, ஏர்ணாபுரம், மகுடஞ்சாவடி, சேலம் மாவட்டம்.
துணை அமைப்பாளர்கள் - 1) ஆர். சரத்குமார் உகப்பநூர், தேவராயன்பாளையம், கூடலூர், சேலம் மாவட்டம். 2) ஜி. சீனிவாசன் 2/280, நாயக்கர்வளவு, கூடலூர், மகுடஞ்சாவடி, சேலம் மாவட்டம். 3) பி. வடிவேல் கொளஞ்சிகாட்டூர், கீழ்வளவு, ஓக்கக்கிணறுபாளையம், கூடலூர், சேலம் மாவட்டம். 4) சி. மகேந்திரன் அக்ரஹாரம், இடங்கணசாலை, சேலம் மாவட்டம். 5) ஏ. பழனிசாமி ஆண்டிப்பட்டி, பிள்ளையார் கோவில், கண்டர்குலமாணிக்கம், சேலம் மாவட்டம். 6) ஆர். மோகநாதன் மொட்டனம்பட்டி, காளிகவுண்டன்பாளையம், சேலம் மாவட்டம். 7) கே. கார்த்திகேயன் தேவராயன்பாளையம், கூடலூர், சேலம் மாவட்டம்.
தாரமங்கலம் ஒன்றியம்
அமைப்பாளர் - ஆ. ரமேஷ் 4/142, எருக்கன்காட்டுதெரு, பாப்பம்பட்டி, ஓமலூர் தாலுகா, சேலம் மாவட்டம்.
துணை அமைப்பாளர்கள் - 1) பா. பழனிசாமி 46/1, தெற்கு தெரு, மாலிப்பட்டி, ஓமலூர் தாலுகா, சேலம் மாவட்டம். 2) ந. அழகேசன் 4/197, பாவடி தெரு, பாப்பம்பட்டி, சின்னப்பம்பட்டி அஞ்சல், ஓமலூர் தாலுகா, சேலம் மாவட்டம். 3) ச. பிரபு 1/96-ஏ, ஏரிக்காடு, கருக்கல்வாடி, ஓமலூர் தாலுகா, சேலம் மாவட்டம். 4) கோ. தாண்டவன் 1/87/1, கருத்தம்பட்டி, தெவிளாக்குறிச்சி, ஓமலூர் தாலுகா, சேலம் மாவட்டம். 5) சி. முருகன் 3/171, நடைபாதை காட்டு வளவு, கருக்கல்வாடி அஞ்சல், ஓமலூர் தாலுகா, சேலம் மாவட்டம்.
கொளத்தூர் ஒன்றியம்
அமைப்பாளர் - பி. செந்தில்குமார் காவேரிபுரம் அஞ்சல், கொளத்தூர், சேலம் மாவட்டம் - 636303.
துணை அமைப்பாளர்கள் - 1) பி. பிரசாந்த் நேருநகர், மூலக்காடு, சேலம் மாவட்டம் - 636452. 2) அ. ராஜேந்திரன் விநாயகர் கோவில் தெரு, கணவாய்க்காடு, சேலம் மாவட்டம் - 636303. 3) வி. செல்வம் மேல் தெரு, தின்னப்பட்டி, பண்ணவாடி, சேலம் - 636303. 4) அ. முருகன் தார்காடு மேல் குடியிருப்பு, கருங்கல்லூர், சேலம் - 636303. 5) ரா. பாஸ்கர் கோட்டையூர், காவேரிபுரம், சேலம் மாவட்டம் - 636303.
இடங்கணசாலை நகரம்
அமைப்பாளர் - எம். சங்கர் 3/146, இ. காட்டூர், இடங்கணசாலை நகரம், சங்ககிரி தாலுகா, சேலம் மாவட்டம் - 637502.
துணை அமைப்பாளர்கள் - 1) ஜி. சித்தாரூ 2, துதலூர்,
